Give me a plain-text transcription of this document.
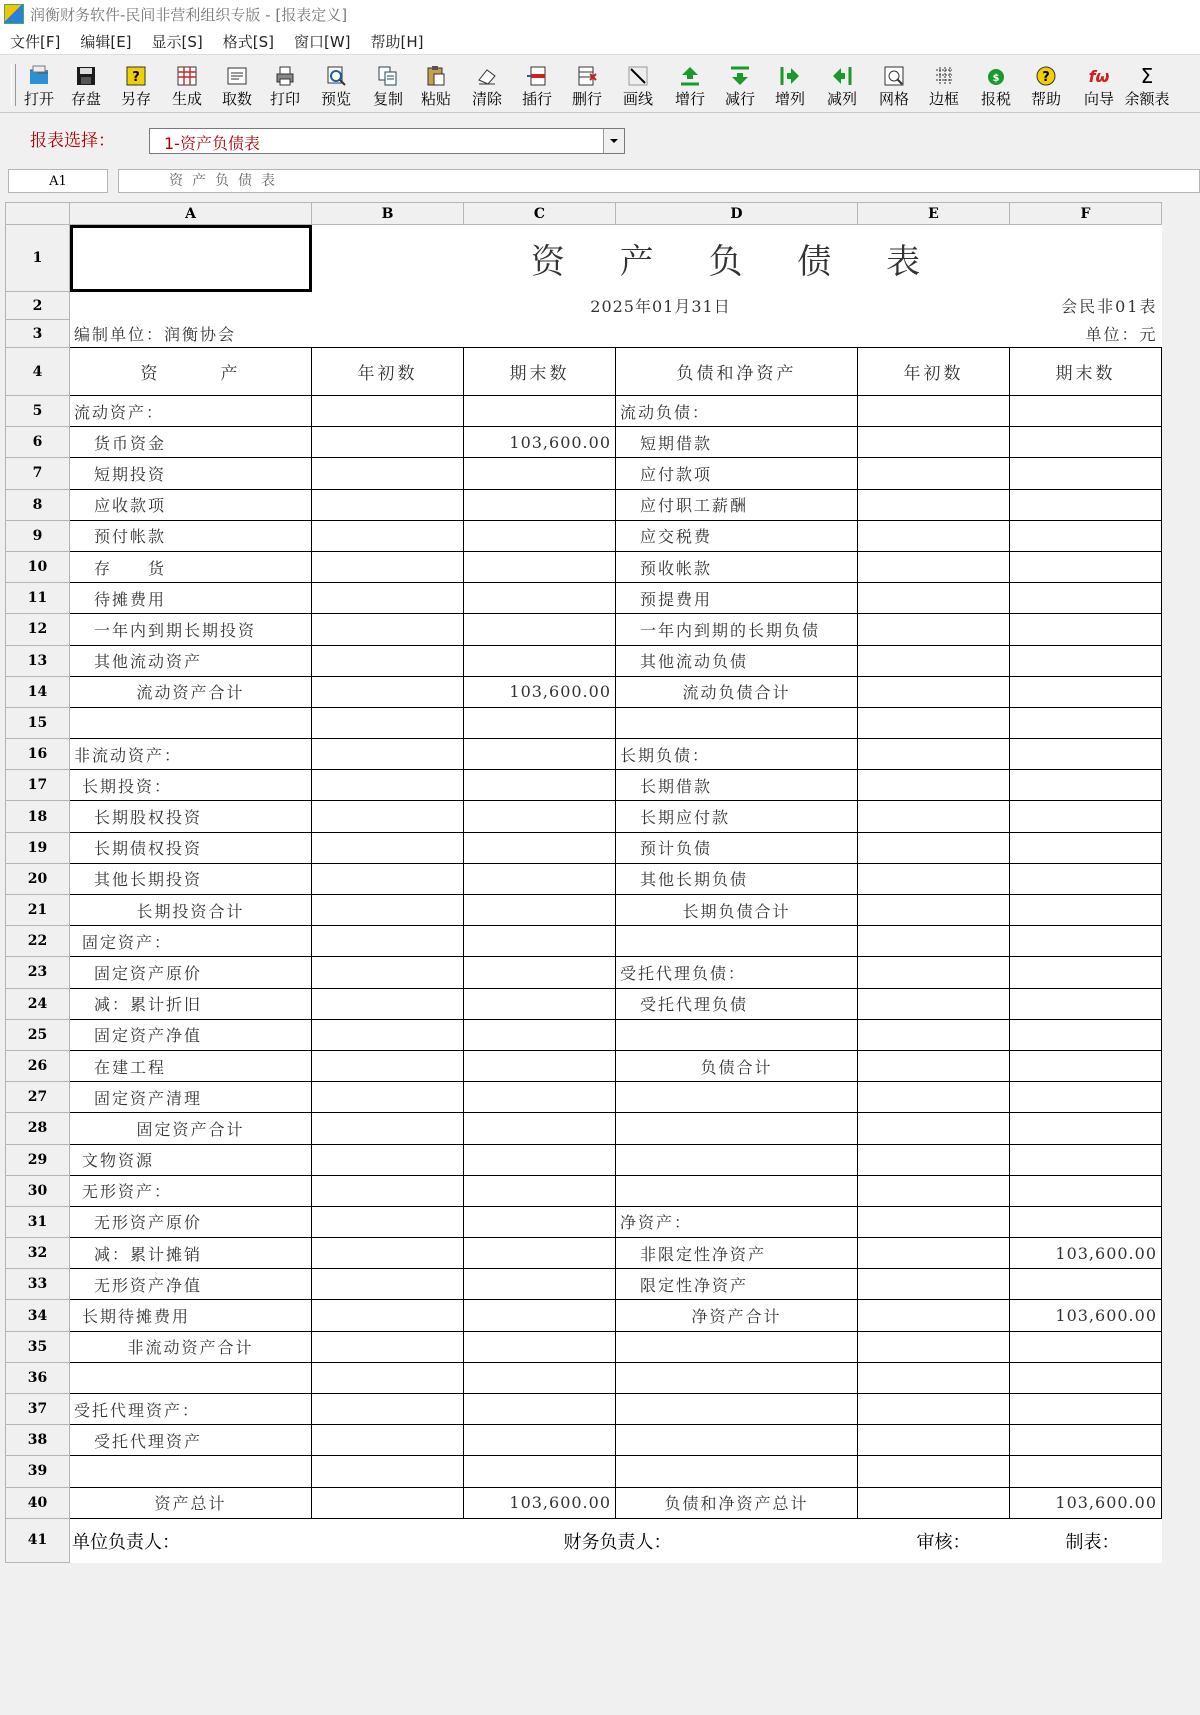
润衡财务软件-民间非营利组织专版 - [报表定义]
文件[F] 编辑[E] 显示[S] 格式[S] 窗口[W] 帮助[H]
打开	存盘
?
另存	生成	取数	打印	预览	复制	粘贴	清除	插行	删行	画线	增行	减行	增列	减列	网格	边框
$
报税
?
帮助
fω
向导
Σ
余额表
报表选择：	1-资产负债表
A1	资产负债表
	A	B	C	D	E	F
1		资 产 负 债 表				
2			2025年01月31日			会民非01表
3	编制单位：润衡协会					单位：元
4	资　　　产	年初数	期末数	负债和净资产	年初数	期末数
5	流动资产：			流动负债：		
6	货币资金		103,600.00	短期借款		
7	短期投资			应付款项		
8	应收款项			应付职工薪酬		
9	预付帐款			应交税费		
10	存　　货			预收帐款		
11	待摊费用			预提费用		
12	一年内到期长期投资			一年内到期的长期负债		
13	其他流动资产			其他流动负债		
14	流动资产合计		103,600.00	流动负债合计		
15						
16	非流动资产：			长期负债：		
17	长期投资：			长期借款		
18	长期股权投资			长期应付款		
19	长期债权投资			预计负债		
20	其他长期投资			其他长期负债		
21	长期投资合计			长期负债合计		
22	固定资产：					
23	固定资产原价			受托代理负债：		
24	减：累计折旧			受托代理负债		
25	固定资产净值					
26	在建工程			负债合计		
27	固定资产清理					
28	固定资产合计					
29	文物资源					
30	无形资产：					
31	无形资产原价			净资产：		
32	减：累计摊销			非限定性净资产		103,600.00
33	无形资产净值			限定性净资产		
34	长期待摊费用			净资产合计		103,600.00
35	非流动资产合计					
36						
37	受托代理资产：					
38	受托代理资产					
39						
40	资产总计		103,600.00	负债和净资产总计		103,600.00
41	单位负责人：		财务负责人：		审核：	制表：
